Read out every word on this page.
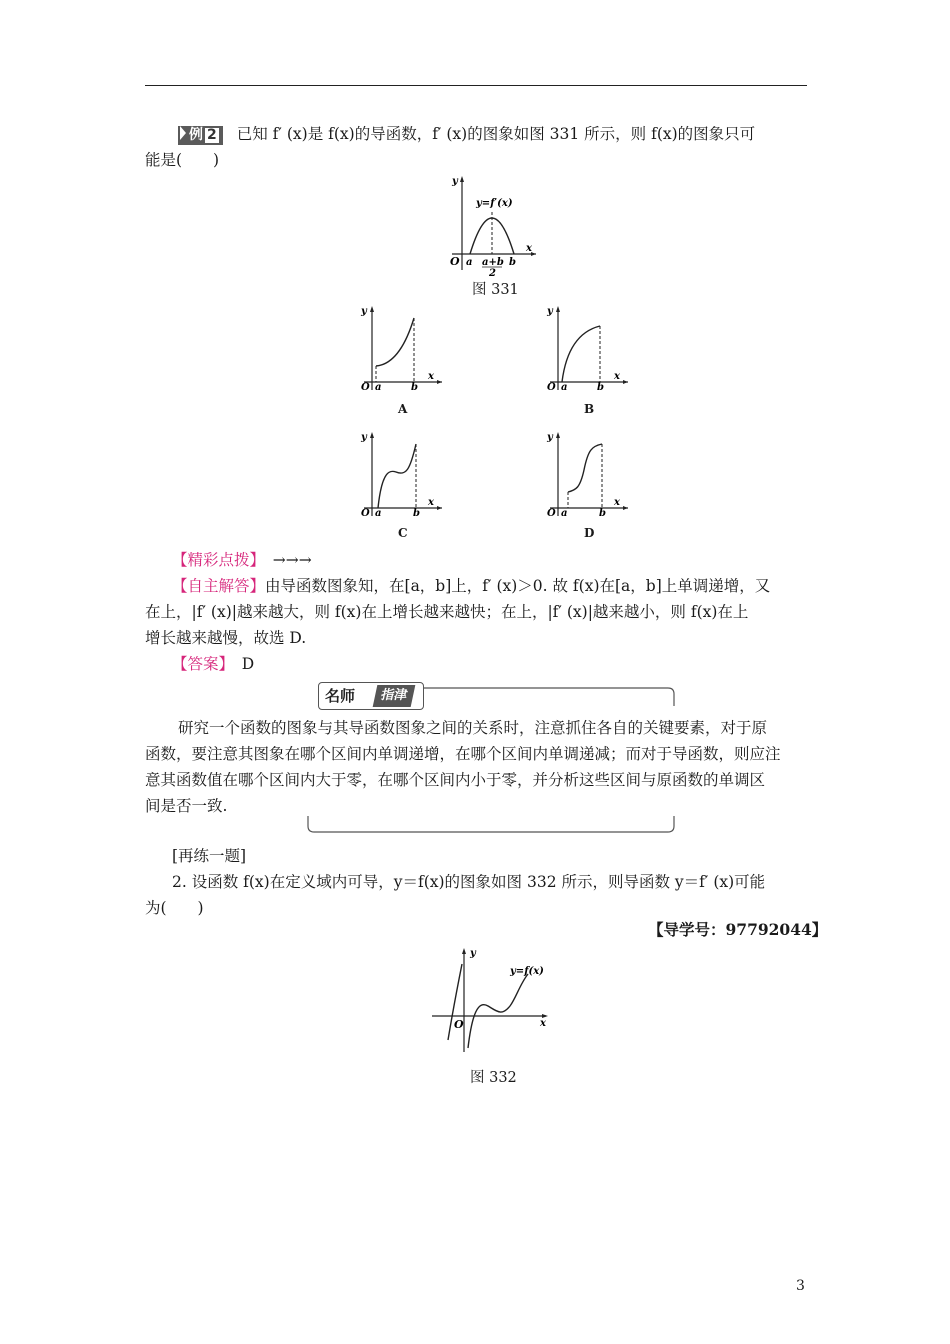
例 2 已知 f′ (x)是 f(x)的导函数，f′ (x)的图象如图 331 所示，则 f(x)的图象只可
能是(　　)
y
x
O a a+b
2
b
y=f′(x)
图 331
y
x
O a	b
A
y
x
O a	b
B
y
x
O a	b
C
y
x
O a	b
D
【精彩点拨】　 →→→
【自主解答】由导函数图象知，在[a，b]上，f′ (x)＞0. 故 f(x)在[a，b]上单调递增，又
在上，|f′ (x)|越来越大，则 f(x)在上增长越来越快；在上，|f′ (x)|越来越小，则 f(x)在上
增长越来越慢，故选 D.
【答案】　 D
名师	指津
研究一个函数的图象与其导函数图象之间的关系时，注意抓住各自的关键要素，对于原
函数，要注意其图象在哪个区间内单调递增，在哪个区间内单调递减；而对于导函数，则应注
意其函数值在哪个区间内大于零，在哪个区间内小于零，并分析这些区间与原函数的单调区
间是否一致.
[再练一题]
2. 设函数 f(x)在定义域内可导，y＝f(x)的图象如图 332 所示，则导函数 y＝f′ (x)可能
为(　　)
【导学号：97792044】
y
x
O
y=f(x)
图 332
3
